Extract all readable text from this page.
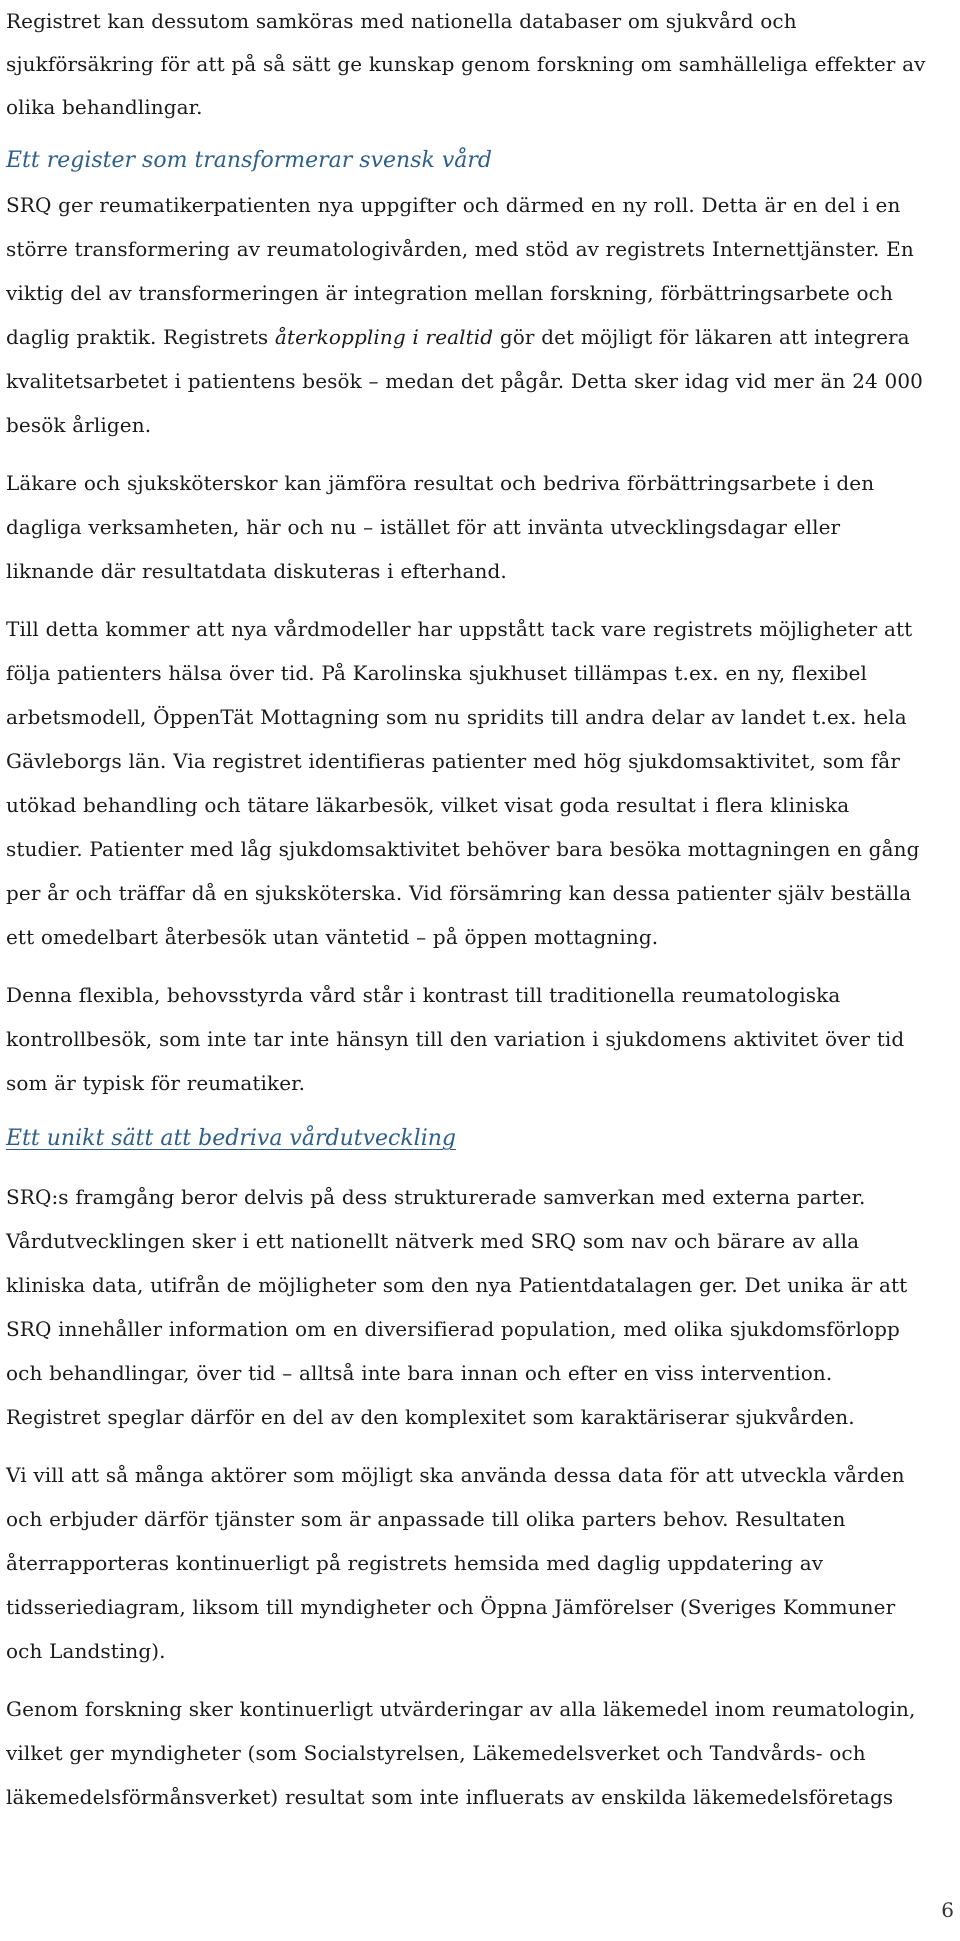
Registret kan dessutom samköras med nationella databaser om sjukvård och sjukförsäkring för att på så sätt ge kunskap genom forskning om samhälleliga effekter av olika behandlingar.

Ett register som transformerar svensk vård

SRQ ger reumatikerpatienten nya uppgifter och därmed en ny roll. Detta är en del i en större transformering av reumatologivården, med stöd av registrets Internettjänster. En viktig del av transformeringen är integration mellan forskning, förbättringsarbete och daglig praktik. Registrets återkoppling i realtid gör det möjligt för läkaren att integrera kvalitetsarbetet i patientens besök – medan det pågår. Detta sker idag vid mer än 24 000 besök årligen.

Läkare och sjuksköterskor kan jämföra resultat och bedriva förbättringsarbete i den dagliga verksamheten, här och nu – istället för att invänta utvecklingsdagar eller liknande där resultatdata diskuteras i efterhand.

Till detta kommer att nya vårdmodeller har uppstått tack vare registrets möjligheter att följa patienters hälsa över tid. På Karolinska sjukhuset tillämpas t.ex. en ny, flexibel arbetsmodell, ÖppenTät Mottagning som nu spridits till andra delar av landet t.ex. hela Gävleborgs län. Via registret identifieras patienter med hög sjukdomsaktivitet, som får utökad behandling och tätare läkarbesök, vilket visat goda resultat i flera kliniska studier. Patienter med låg sjukdomsaktivitet behöver bara besöka mottagningen en gång per år och träffar då en sjuksköterska. Vid försämring kan dessa patienter själv beställa ett omedelbart återbesök utan väntetid – på öppen mottagning.

Denna flexibla, behovsstyrda vård står i kontrast till traditionella reumatologiska kontrollbesök, som inte tar inte hänsyn till den variation i sjukdomens aktivitet över tid som är typisk för reumatiker.

Ett unikt sätt att bedriva vårdutveckling

SRQ:s framgång beror delvis på dess strukturerade samverkan med externa parter. Vårdutvecklingen sker i ett nationellt nätverk med SRQ som nav och bärare av alla kliniska data, utifrån de möjligheter som den nya Patientdatalagen ger. Det unika är att SRQ innehåller information om en diversifierad population, med olika sjukdomsförlopp och behandlingar, över tid – alltså inte bara innan och efter en viss intervention. Registret speglar därför en del av den komplexitet som karaktäriserar sjukvården.

Vi vill att så många aktörer som möjligt ska använda dessa data för att utveckla vården och erbjuder därför tjänster som är anpassade till olika parters behov. Resultaten återrapporteras kontinuerligt på registrets hemsida med daglig uppdatering av tidsseriediagram, liksom till myndigheter och Öppna Jämförelser (Sveriges Kommuner och Landsting).

Genom forskning sker kontinuerligt utvärderingar av alla läkemedel inom reumatologin, vilket ger myndigheter (som Socialstyrelsen, Läkemedelsverket och Tandvårds- och läkemedelsförmånsverket) resultat som inte influerats av enskilda läkemedelsföretags

6
